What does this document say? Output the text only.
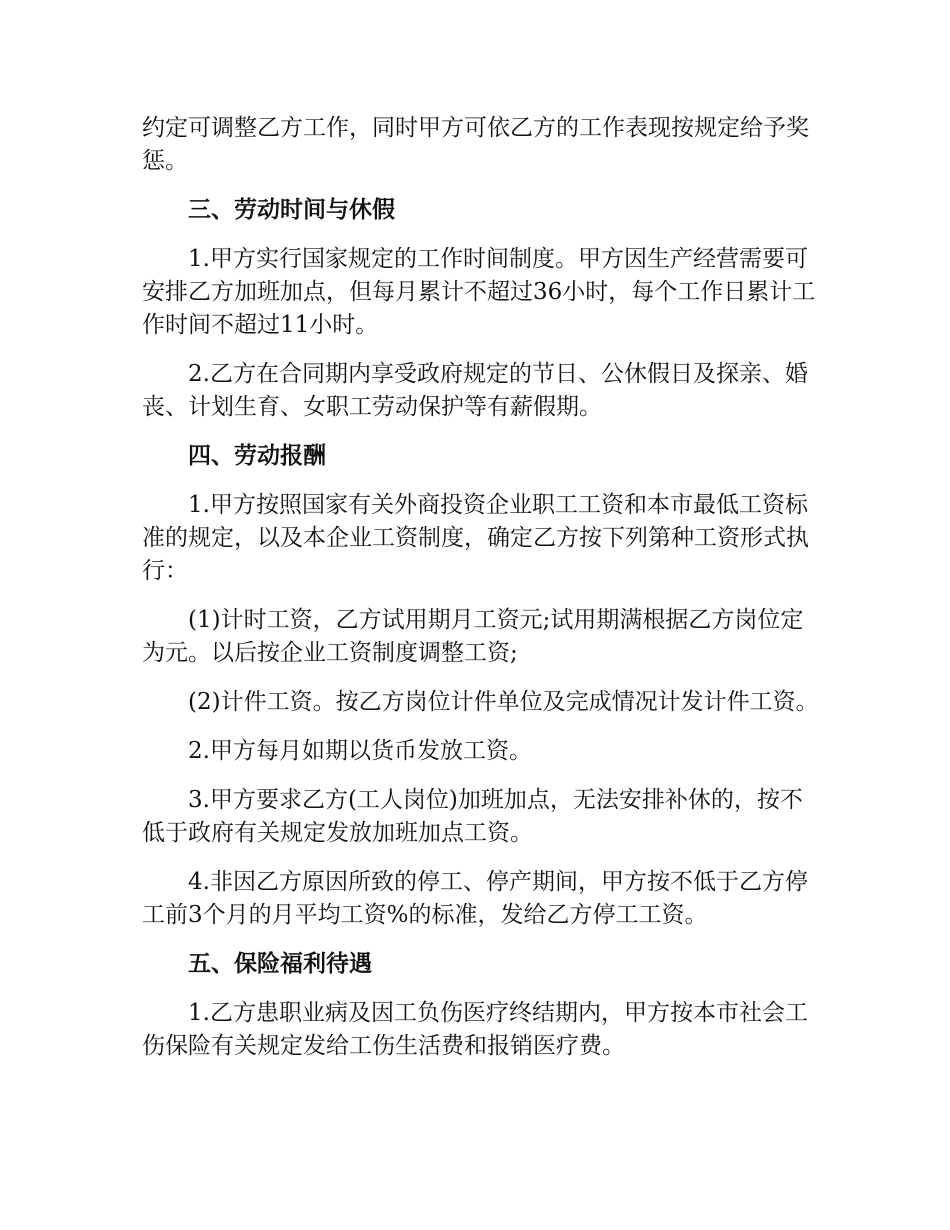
约定可调整乙方工作，同时甲方可依乙方的工作表现按规定给予奖惩。

三、劳动时间与休假

1.甲方实行国家规定的工作时间制度。甲方因生产经营需要可安排乙方加班加点，但每月累计不超过36小时，每个工作日累计工作时间不超过11小时。

2.乙方在合同期内享受政府规定的节日、公休假日及探亲、婚丧、计划生育、女职工劳动保护等有薪假期。

四、劳动报酬

1.甲方按照国家有关外商投资企业职工工资和本市最低工资标准的规定，以及本企业工资制度，确定乙方按下列第种工资形式执行：

(1)计时工资，乙方试用期月工资元;试用期满根据乙方岗位定为元。以后按企业工资制度调整工资;

(2)计件工资。按乙方岗位计件单位及完成情况计发计件工资。

2.甲方每月如期以货币发放工资。

3.甲方要求乙方(工人岗位)加班加点，无法安排补休的，按不低于政府有关规定发放加班加点工资。

4.非因乙方原因所致的停工、停产期间，甲方按不低于乙方停工前3个月的月平均工资%的标准，发给乙方停工工资。

五、保险福利待遇

1.乙方患职业病及因工负伤医疗终结期内，甲方按本市社会工伤保险有关规定发给工伤生活费和报销医疗费。
